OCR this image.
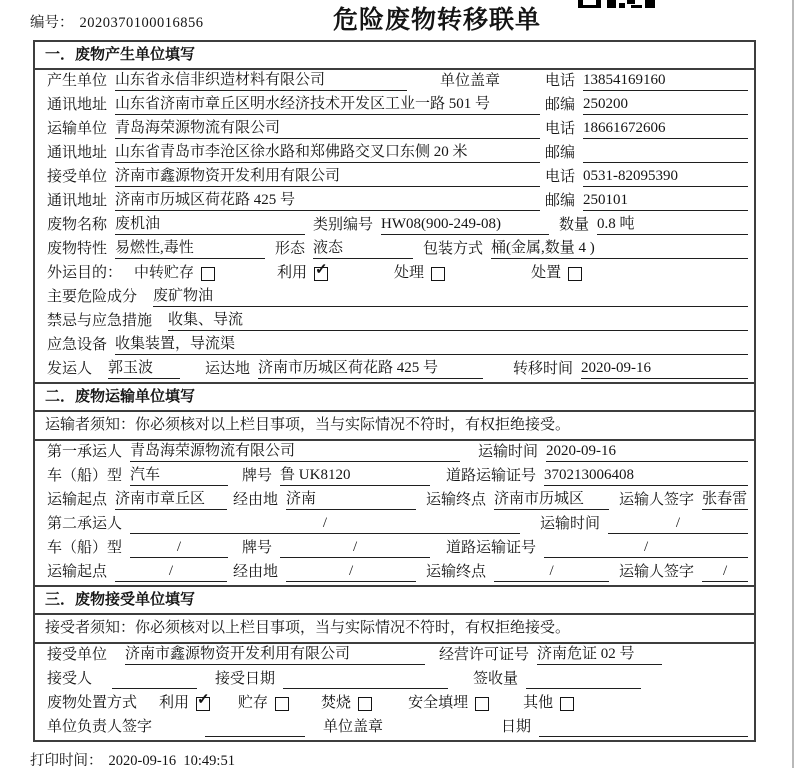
编号： 2020370100016856	危险废物转移联单
一．废物产生单位填写
产生单位 山东省永信非织造材料有限公司	单位盖章	电话 13854169160
通讯地址 山东省济南市章丘区明水经济技术开发区工业一路 501 号	邮编 250200
运输单位 青岛海荣源物流有限公司	电话 18661672606
通讯地址 山东省青岛市李沧区徐水路和郑佛路交叉口东侧 20 米	邮编
接受单位 济南市鑫源物资开发利用有限公司	电话 0531-82095390
通讯地址 济南市历城区荷花路 425 号	邮编 250101
废物名称 废机油	类别编号 HW08(900-249-08)	数量 0.8 吨
废物特性 易燃性,毒性	形态 液态	包装方式 桶(金属,数量 4 )
外运目的： 中转贮存	利用 ✓	处理	处置
主要危险成分 废矿物油
禁忌与应急措施 收集、导流
应急设备 收集装置，导流渠
发运人 郭玉波	运达地 济南市历城区荷花路 425 号	转移时间 2020-09-16
二．废物运输单位填写
运输者须知：你必须核对以上栏目事项，当与实际情况不符时，有权拒绝接受。
第一承运人 青岛海荣源物流有限公司	运输时间 2020-09-16
车（船）型 汽车	牌号 鲁 UK8120	道路运输证号 370213006408
运输起点 济南市章丘区	经由地 济南	运输终点 济南市历城区	运输人签字 张春雷
第二承运人	/	运输时间	/
车（船）型	/	牌号	/	道路运输证号	/
运输起点	/	经由地	/	运输终点	/	运输人签字	/
三．废物接受单位填写
接受者须知：你必须核对以上栏目事项，当与实际情况不符时，有权拒绝接受。
接受单位 济南市鑫源物资开发利用有限公司	经营许可证号 济南危证 02 号
接受人	接受日期	签收量
废物处置方式 利用 ✓ 贮存	焚烧	安全填埋	其他
单位负责人签字	单位盖章	日期
打印时间： 2020-09-16  10:49:51
